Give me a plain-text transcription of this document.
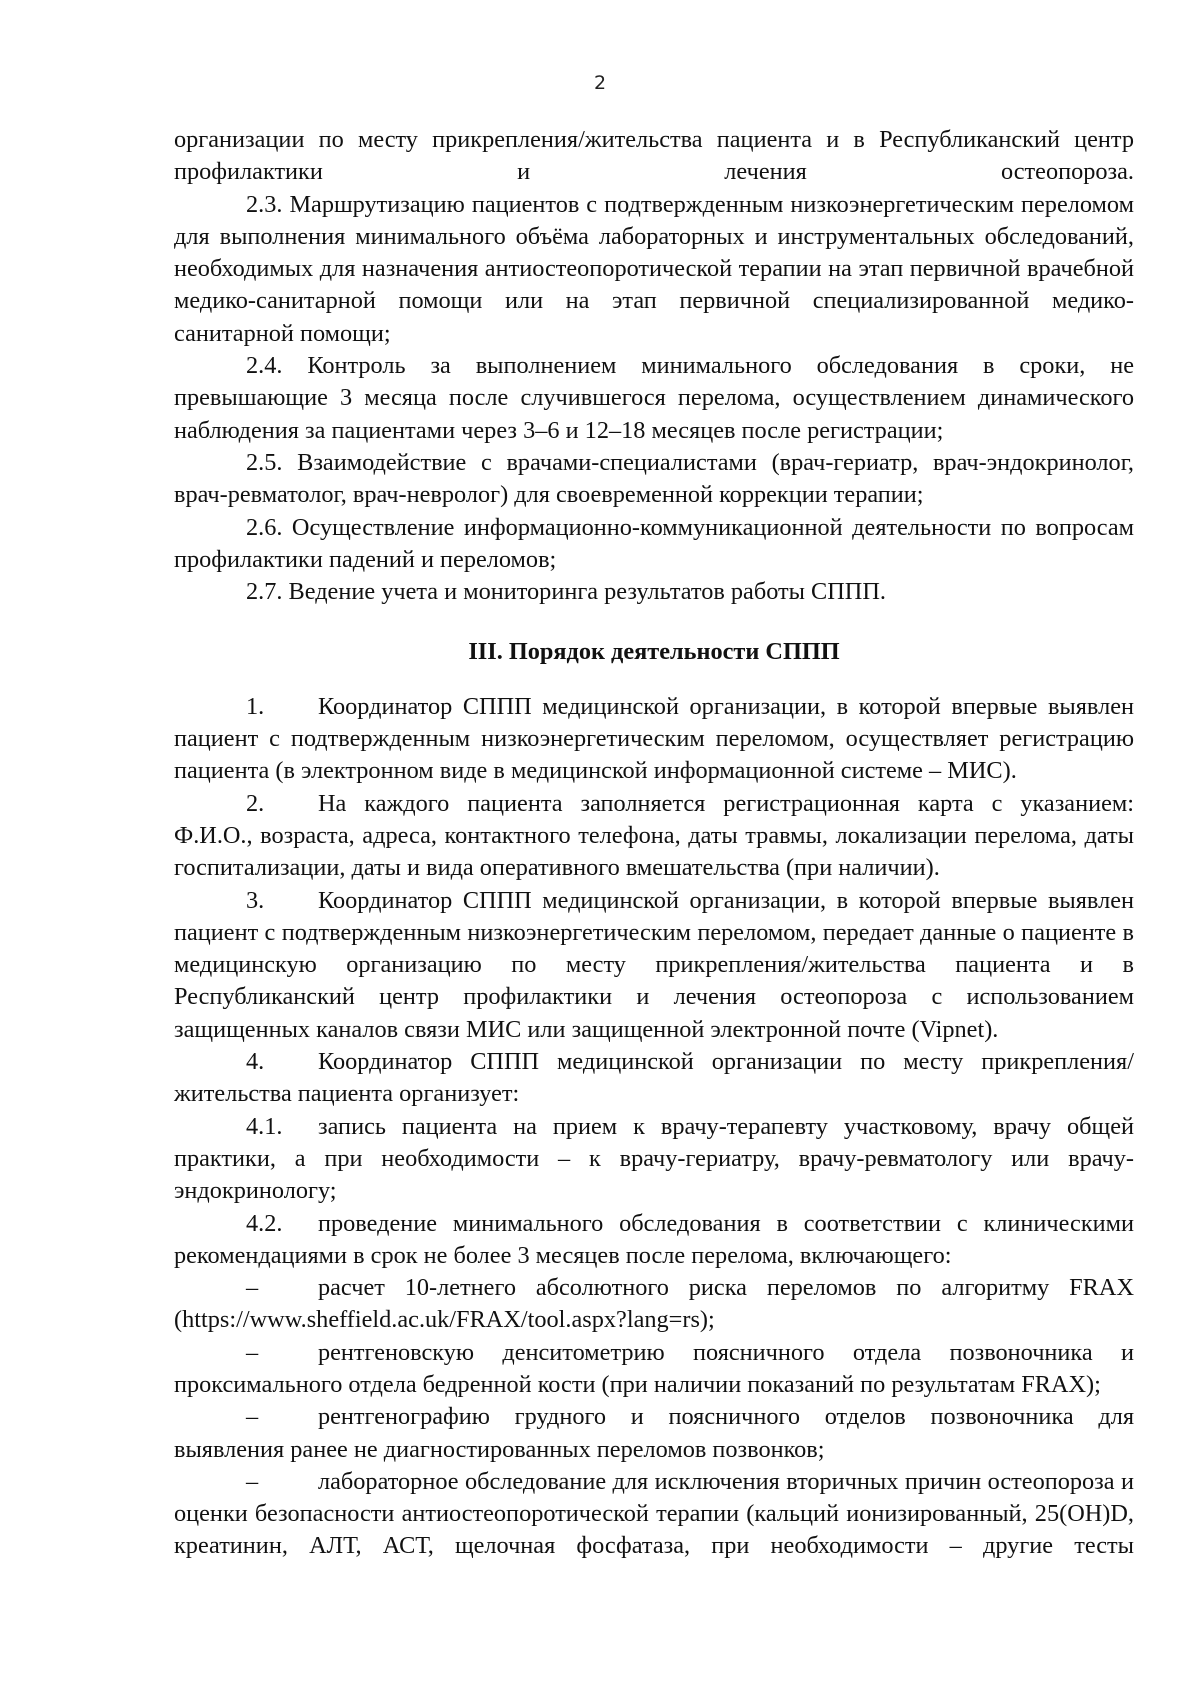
2

организации по месту прикрепления/жительства пациента и в Республиканский центр профилактики и лечения остеопороза.

2.3. Маршрутизацию пациентов с подтвержденным низкоэнергетическим переломом для выполнения минимального объёма лабораторных и инструментальных обследований, необходимых для назначения антиостеопоротической терапии на этап первичной врачебной медико-санитарной помощи или на этап первичной специализированной медико-санитарной помощи;

2.4. Контроль за выполнением минимального обследования в сроки, не превышающие 3 месяца после случившегося перелома, осуществлением динамического наблюдения за пациентами через 3–6 и 12–18 месяцев после регистрации;

2.5. Взаимодействие с врачами-специалистами (врач-гериатр, врач-эндокринолог, врач-ревматолог, врач-невролог) для своевременной коррекции терапии;

2.6. Осуществление информационно-коммуникационной деятельности по вопросам профилактики падений и переломов;

2.7. Ведение учета и мониторинга результатов работы СППП.

III. Порядок деятельности СППП

1. Координатор СППП медицинской организации, в которой впервые выявлен пациент с подтвержденным низкоэнергетическим переломом, осуществляет регистрацию пациента (в электронном виде в медицинской информационной системе – МИС).

2. На каждого пациента заполняется регистрационная карта с указанием: Ф.И.О., возраста, адреса, контактного телефона, даты травмы, локализации перелома, даты госпитализации, даты и вида оперативного вмешательства (при наличии).

3. Координатор СППП медицинской организации, в которой впервые выявлен пациент с подтвержденным низкоэнергетическим переломом, передает данные о пациенте в медицинскую организацию по месту прикрепления/жительства пациента и в Республиканский центр профилактики и лечения остеопороза с использованием защищенных каналов связи МИС или защищенной электронной почте (Vipnet).

4. Координатор СППП медицинской организации по месту прикрепления/жительства пациента организует:

4.1. запись пациента на прием к врачу-терапевту участковому, врачу общей практики, а при необходимости – к врачу-гериатру, врачу-ревматологу или врачу-эндокринологу;

4.2. проведение минимального обследования в соответствии с клиническими рекомендациями в срок не более 3 месяцев после перелома, включающего:

– расчет 10-летнего абсолютного риска переломов по алгоритму FRAX (https://www.sheffield.ac.uk/FRAX/tool.aspx?lang=rs);

– рентгеновскую денситометрию поясничного отдела позвоночника и проксимального отдела бедренной кости (при наличии показаний по результатам FRAX);

– рентгенографию грудного и поясничного отделов позвоночника для выявления ранее не диагностированных переломов позвонков;

– лабораторное обследование для исключения вторичных причин остеопороза и оценки безопасности антиостеопоротической терапии (кальций ионизированный, 25(OH)D, креатинин, АЛТ, АСТ, щелочная фосфатаза, при необходимости – другие тесты
